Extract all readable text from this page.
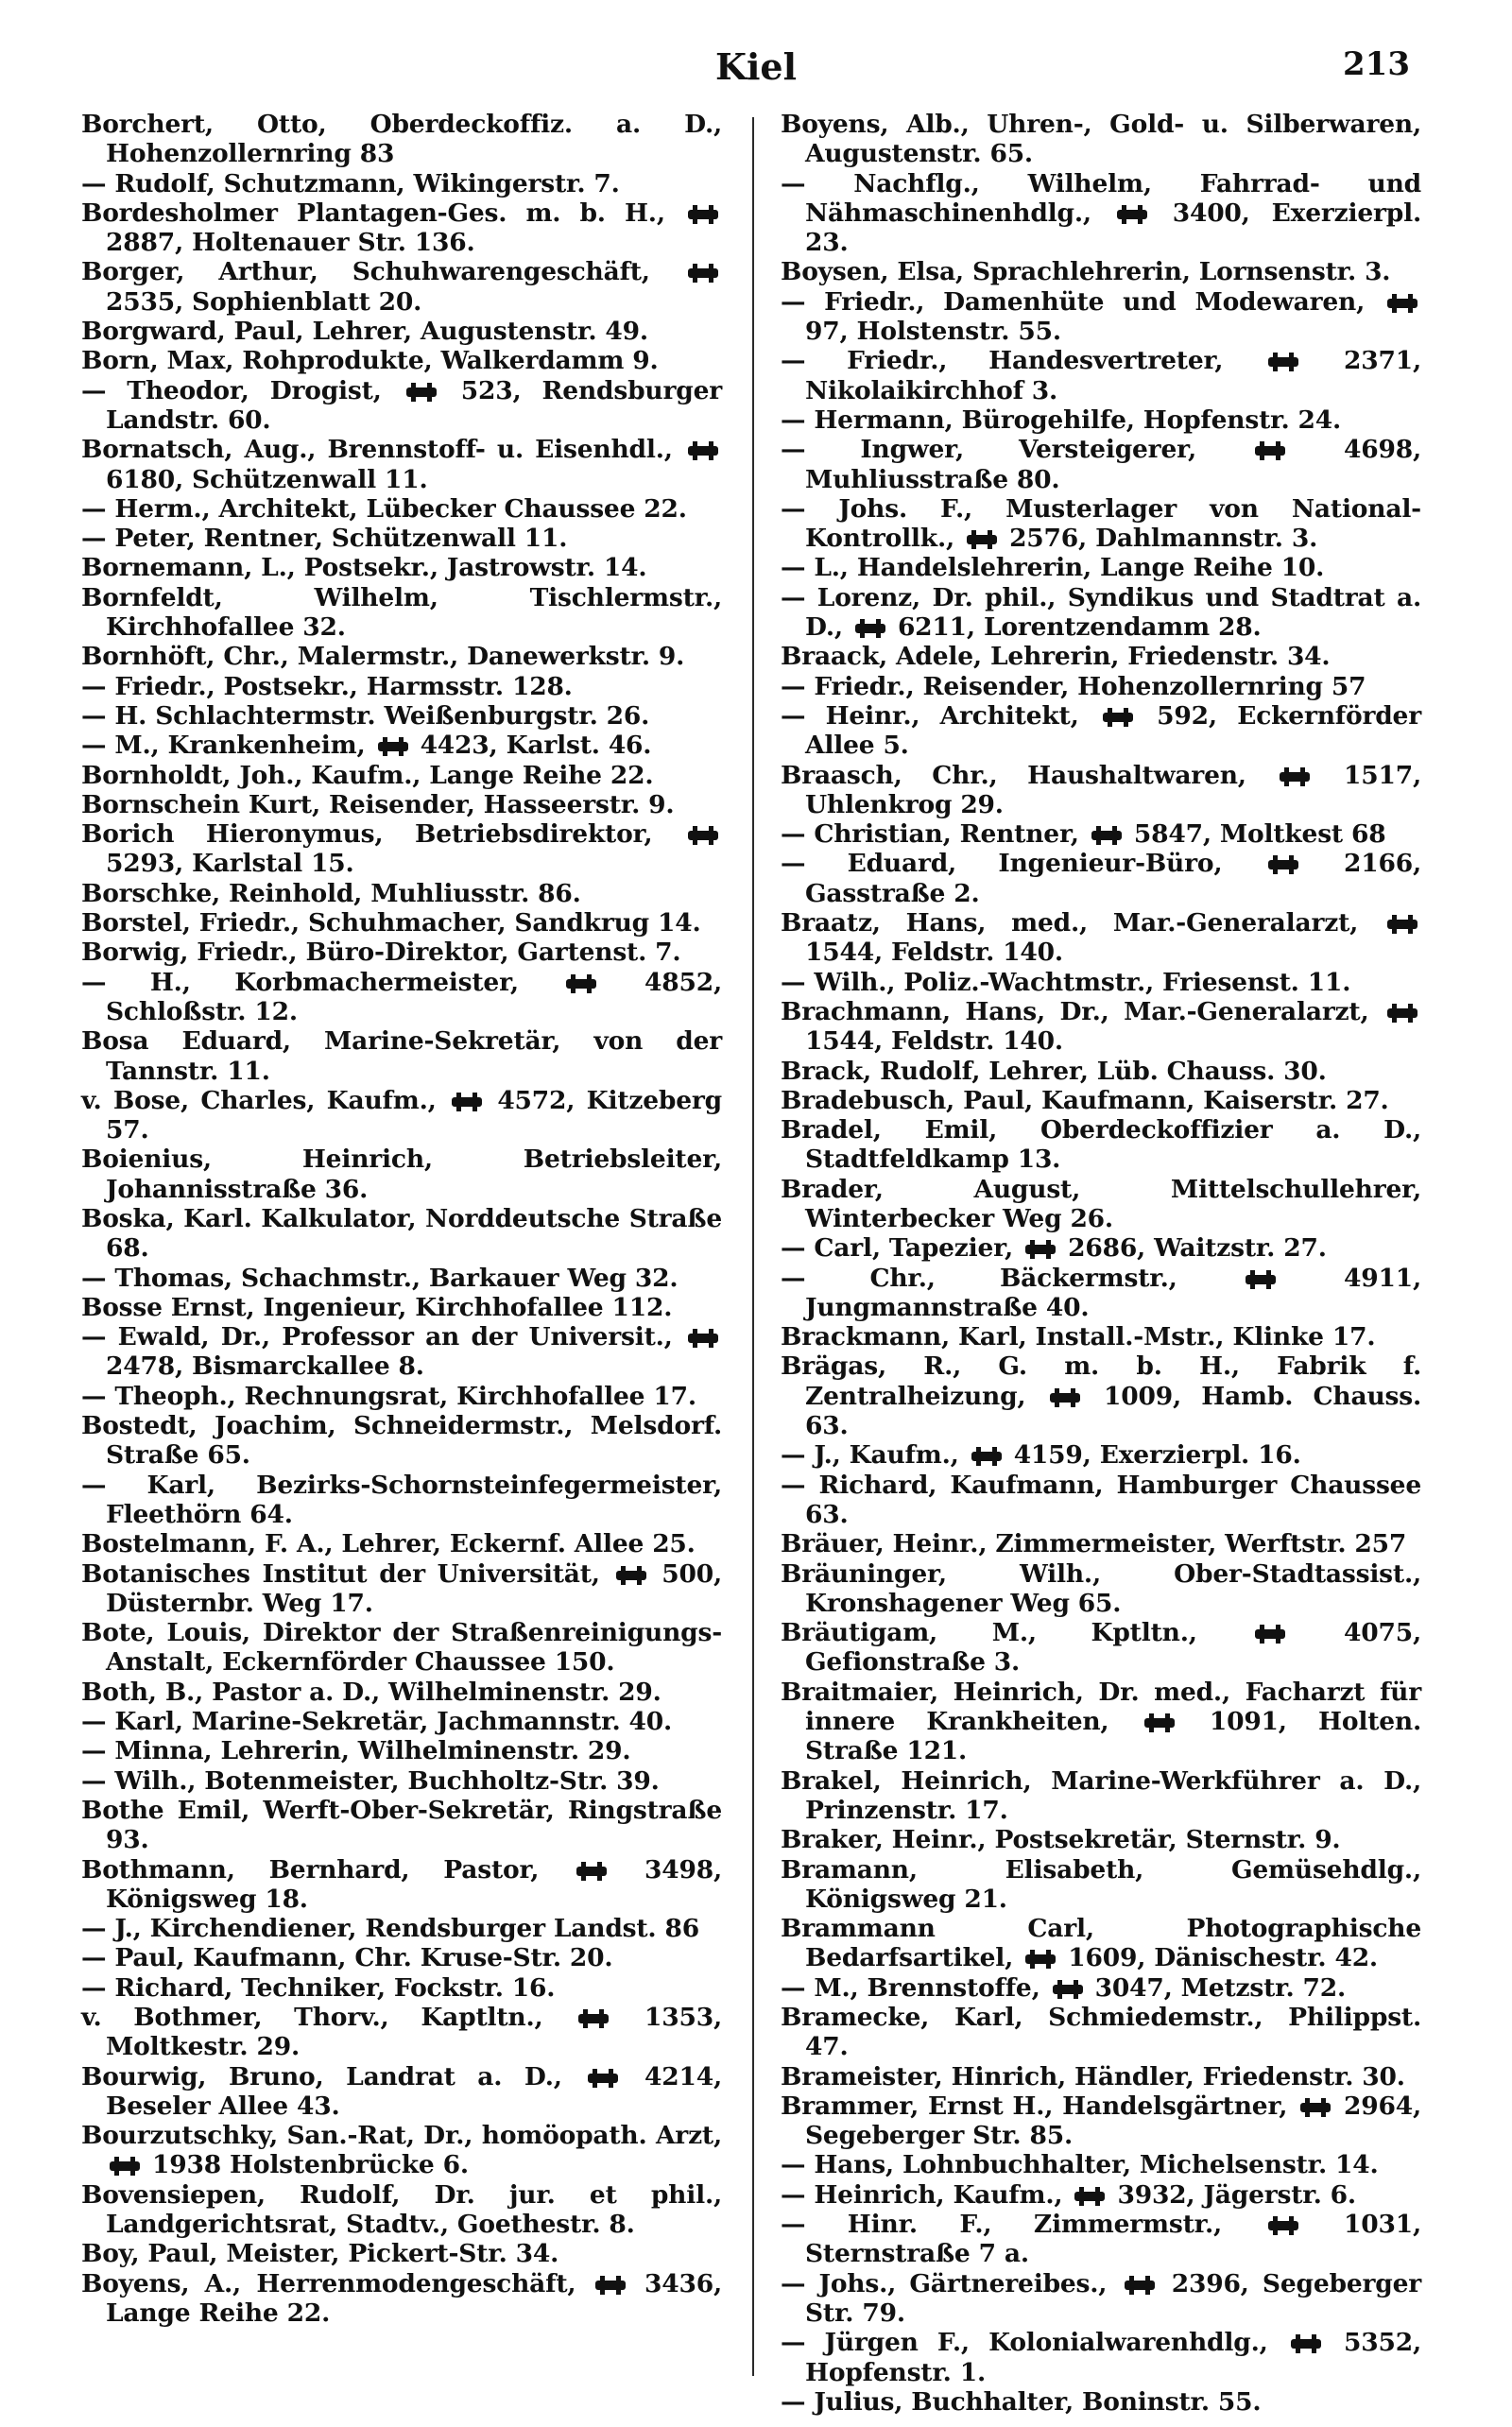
Kiel	213
Borchert, Otto, Oberdeckoffiz. a. D., Hohenzollernring 83
— Rudolf, Schutzmann, Wikingerstr. 7.
Bordesholmer Plantagen-Ges. m. b. H.,  2887, Holtenauer Str. 136.
Borger, Arthur, Schuhwarengeschäft,  2535, Sophienblatt 20.
Borgward, Paul, Lehrer, Augustenstr. 49.
Born, Max, Rohprodukte, Walkerdamm 9.
— Theodor, Drogist,  523, Rendsburger Landstr. 60.
Bornatsch, Aug., Brennstoff- u. Eisenhdl.,  6180, Schützenwall 11.
— Herm., Architekt, Lübecker Chaussee 22.
— Peter, Rentner, Schützenwall 11.
Bornemann, L., Postsekr., Jastrowstr. 14.
Bornfeldt, Wilhelm, Tischlermstr., Kirchhofallee 32.
Bornhöft, Chr., Malermstr., Danewerkstr. 9.
— Friedr., Postsekr., Harmsstr. 128.
— H. Schlachtermstr. Weißenburgstr. 26.
— M., Krankenheim,  4423, Karlst. 46.
Bornholdt, Joh., Kaufm., Lange Reihe 22.
Bornschein Kurt, Reisender, Hasseerstr. 9.
Borich Hieronymus, Betriebsdirektor,  5293, Karlstal 15.
Borschke, Reinhold, Muhliusstr. 86.
Borstel, Friedr., Schuhmacher, Sandkrug 14.
Borwig, Friedr., Büro-Direktor, Gartenst. 7.
— H., Korbmachermeister,  4852, Schloßstr. 12.
Bosa Eduard, Marine-Sekretär, von der Tannstr. 11.
v. Bose, Charles, Kaufm.,  4572, Kitzeberg 57.
Boienius, Heinrich, Betriebsleiter, Johannisstraße 36.
Boska, Karl. Kalkulator, Norddeutsche Straße 68.
— Thomas, Schachmstr., Barkauer Weg 32.
Bosse Ernst, Ingenieur, Kirchhofallee 112.
— Ewald, Dr., Professor an der Universit.,  2478, Bismarckallee 8.
— Theoph., Rechnungsrat, Kirchhofallee 17.
Bostedt, Joachim, Schneidermstr., Melsdorf. Straße 65.
— Karl, Bezirks-Schornsteinfegermeister, Fleethörn 64.
Bostelmann, F. A., Lehrer, Eckernf. Allee 25.
Botanisches Institut der Universität,  500, Düsternbr. Weg 17.
Bote, Louis, Direktor der Straßenreinigungs-Anstalt, Eckernförder Chaussee 150.
Both, B., Pastor a. D., Wilhelminenstr. 29.
— Karl, Marine-Sekretär, Jachmannstr. 40.
— Minna, Lehrerin, Wilhelminenstr. 29.
— Wilh., Botenmeister, Buchholtz-Str. 39.
Bothe Emil, Werft-Ober-Sekretär, Ringstraße 93.
Bothmann, Bernhard, Pastor,  3498, Königsweg 18.
— J., Kirchendiener, Rendsburger Landst. 86
— Paul, Kaufmann, Chr. Kruse-Str. 20.
— Richard, Techniker, Fockstr. 16.
v. Bothmer, Thorv., Kaptltn.,  1353, Moltkestr. 29.
Bourwig, Bruno, Landrat a. D.,  4214, Beseler Allee 43.
Bourzutschky, San.-Rat, Dr., homöopath. Arzt,  1938 Holstenbrücke 6.
Bovensiepen, Rudolf, Dr. jur. et phil., Landgerichtsrat, Stadtv., Goethestr. 8.
Boy, Paul, Meister, Pickert-Str. 34.
Boyens, A., Herrenmodengeschäft,  3436, Lange Reihe 22.
Boyens, Alb., Uhren-, Gold- u. Silberwaren, Augustenstr. 65.
— Nachflg., Wilhelm, Fahrrad- und Nähmaschinenhdlg.,  3400, Exerzierpl. 23.
Boysen, Elsa, Sprachlehrerin, Lornsenstr. 3.
— Friedr., Damenhüte und Modewaren,  97, Holstenstr. 55.
— Friedr., Handesvertreter,  2371, Nikolaikirchhof 3.
— Hermann, Bürogehilfe, Hopfenstr. 24.
— Ingwer, Versteigerer,  4698, Muhliusstraße 80.
— Johs. F., Musterlager von National-Kontrollk.,  2576, Dahlmannstr. 3.
— L., Handelslehrerin, Lange Reihe 10.
— Lorenz, Dr. phil., Syndikus und Stadtrat a. D.,  6211, Lorentzendamm 28.
Braack, Adele, Lehrerin, Friedenstr. 34.
— Friedr., Reisender, Hohenzollernring 57
— Heinr., Architekt,  592, Eckernförder Allee 5.
Braasch, Chr., Haushaltwaren,  1517, Uhlenkrog 29.
— Christian, Rentner,  5847, Moltkest 68
— Eduard, Ingenieur-Büro,  2166, Gasstraße 2.
Braatz, Hans, med., Mar.-Generalarzt,  1544, Feldstr. 140.
— Wilh., Poliz.-Wachtmstr., Friesenst. 11.
Brachmann, Hans, Dr., Mar.-Generalarzt,  1544, Feldstr. 140.
Brack, Rudolf, Lehrer, Lüb. Chauss. 30.
Bradebusch, Paul, Kaufmann, Kaiserstr. 27.
Bradel, Emil, Oberdeckoffizier a. D., Stadtfeldkamp 13.
Brader, August, Mittelschullehrer, Winterbecker Weg 26.
— Carl, Tapezier,  2686, Waitzstr. 27.
— Chr., Bäckermstr.,  4911, Jungmannstraße 40.
Brackmann, Karl, Install.-Mstr., Klinke 17.
Brägas, R., G. m. b. H., Fabrik f. Zentralheizung,  1009, Hamb. Chauss. 63.
— J., Kaufm.,  4159, Exerzierpl. 16.
— Richard, Kaufmann, Hamburger Chaussee 63.
Bräuer, Heinr., Zimmermeister, Werftstr. 257
Bräuninger, Wilh., Ober-Stadtassist., Kronshagener Weg 65.
Bräutigam, M., Kptltn.,  4075, Gefionstraße 3.
Braitmaier, Heinrich, Dr. med., Facharzt für innere Krankheiten,  1091, Holten. Straße 121.
Brakel, Heinrich, Marine-Werkführer a. D., Prinzenstr. 17.
Braker, Heinr., Postsekretär, Sternstr. 9.
Bramann, Elisabeth, Gemüsehdlg., Königsweg 21.
Brammann Carl, Photographische Bedarfsartikel,  1609, Dänischestr. 42.
— M., Brennstoffe,  3047, Metzstr. 72.
Bramecke, Karl, Schmiedemstr., Philippst. 47.
Brameister, Hinrich, Händler, Friedenstr. 30.
Brammer, Ernst H., Handelsgärtner,  2964, Segeberger Str. 85.
— Hans, Lohnbuchhalter, Michelsenstr. 14.
— Heinrich, Kaufm.,  3932, Jägerstr. 6.
— Hinr. F., Zimmermstr.,  1031, Sternstraße 7 a.
— Johs., Gärtnereibes.,  2396, Segeberger Str. 79.
— Jürgen F., Kolonialwarenhdlg.,  5352, Hopfenstr. 1.
— Julius, Buchhalter, Boninstr. 55.
